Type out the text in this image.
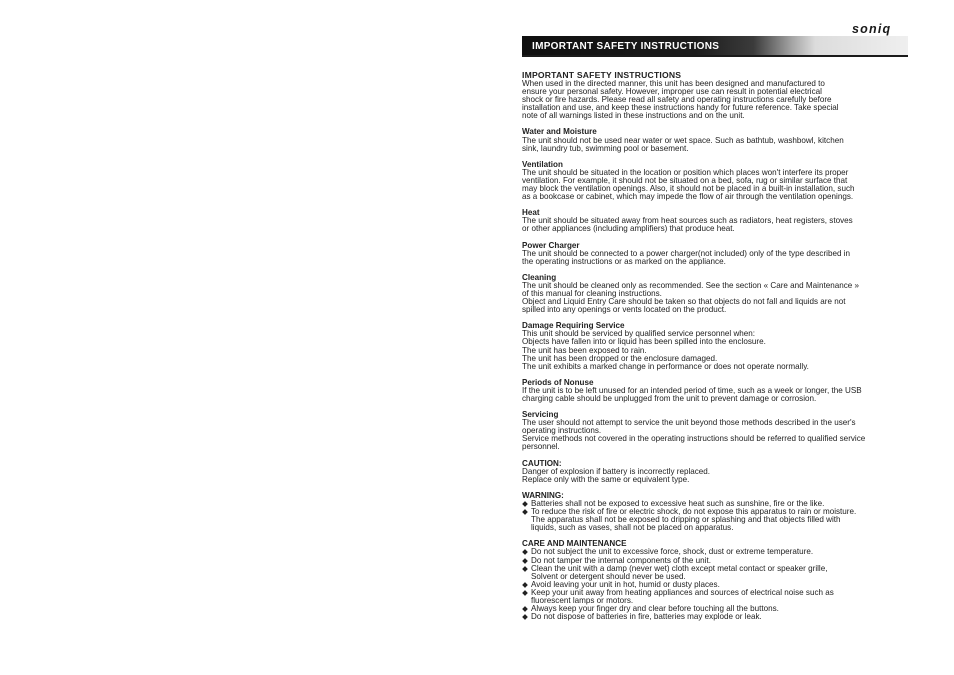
soniq
IMPORTANT SAFETY INSTRUCTIONS

IMPORTANT SAFETY INSTRUCTIONS

When used in the directed manner, this unit has been designed and manufactured to
ensure your personal safety. However, improper use can result in potential electrical
shock or fire hazards. Please read all safety and operating instructions carefully before
installation and use, and keep these instructions handy for future reference. Take special
note of all warnings listed in these instructions and on the unit.

Water and Moisture

The unit should not be used near water or wet space. Such as bathtub, washbowl, kitchen
sink, laundry tub, swimming pool or basement.

Ventilation

The unit should be situated in the location or position which places won't interfere its proper
ventilation. For example, it should not be situated on a bed, sofa, rug or similar surface that
may block the ventilation openings. Also, it should not be placed in a built-in installation, such
as a bookcase or cabinet, which may impede the flow of air through the ventilation openings.

Heat

The unit should be situated away from heat sources such as radiators, heat registers, stoves
or other appliances (including amplifiers) that produce heat.

Power Charger

The unit should be connected to a power charger(not included) only of the type described in
the operating instructions or as marked on the appliance.

Cleaning

The unit should be cleaned only as recommended. See the section « Care and Maintenance »
of this manual for cleaning instructions.
Object and Liquid Entry Care should be taken so that objects do not fall and liquids are not
spilled into any openings or vents located on the product.

Damage Requiring Service

This unit should be serviced by qualified service personnel when:
Objects have fallen into or liquid has been spilled into the enclosure.
The unit has been exposed to rain.
The unit has been dropped or the enclosure damaged.
The unit exhibits a marked change in performance or does not operate normally.

Periods of Nonuse

If the unit is to be left unused for an intended period of time, such as a week or longer, the USB
charging cable should be unplugged from the unit to prevent damage or corrosion.

Servicing

The user should not attempt to service the unit beyond those methods described in the user's
operating instructions.
Service methods not covered in the operating instructions should be referred to qualified service
personnel.

CAUTION:

Danger of explosion if battery is incorrectly replaced.
Replace only with the same or equivalent type.

WARNING:

Batteries shall not be exposed to excessive heat such as sunshine, fire or the like.
To reduce the risk of fire or electric shock, do not expose this apparatus to rain or moisture.
The apparatus shall not be exposed to dripping or splashing and that objects filled with
liquids, such as vases, shall not be placed on apparatus.

CARE AND MAINTENANCE

Do not subject the unit to excessive force, shock, dust or extreme temperature.
Do not tamper the internal components of the unit.
Clean the unit with a damp (never wet) cloth except metal contact or speaker grille,
Solvent or detergent should never be used.
Avoid leaving your unit in hot, humid or dusty places.
Keep your unit away from heating appliances and sources of electrical noise such as
fluorescent lamps or motors.
Always keep your finger dry and clear before touching all the buttons.
Do not dispose of batteries in fire, batteries may explode or leak.
